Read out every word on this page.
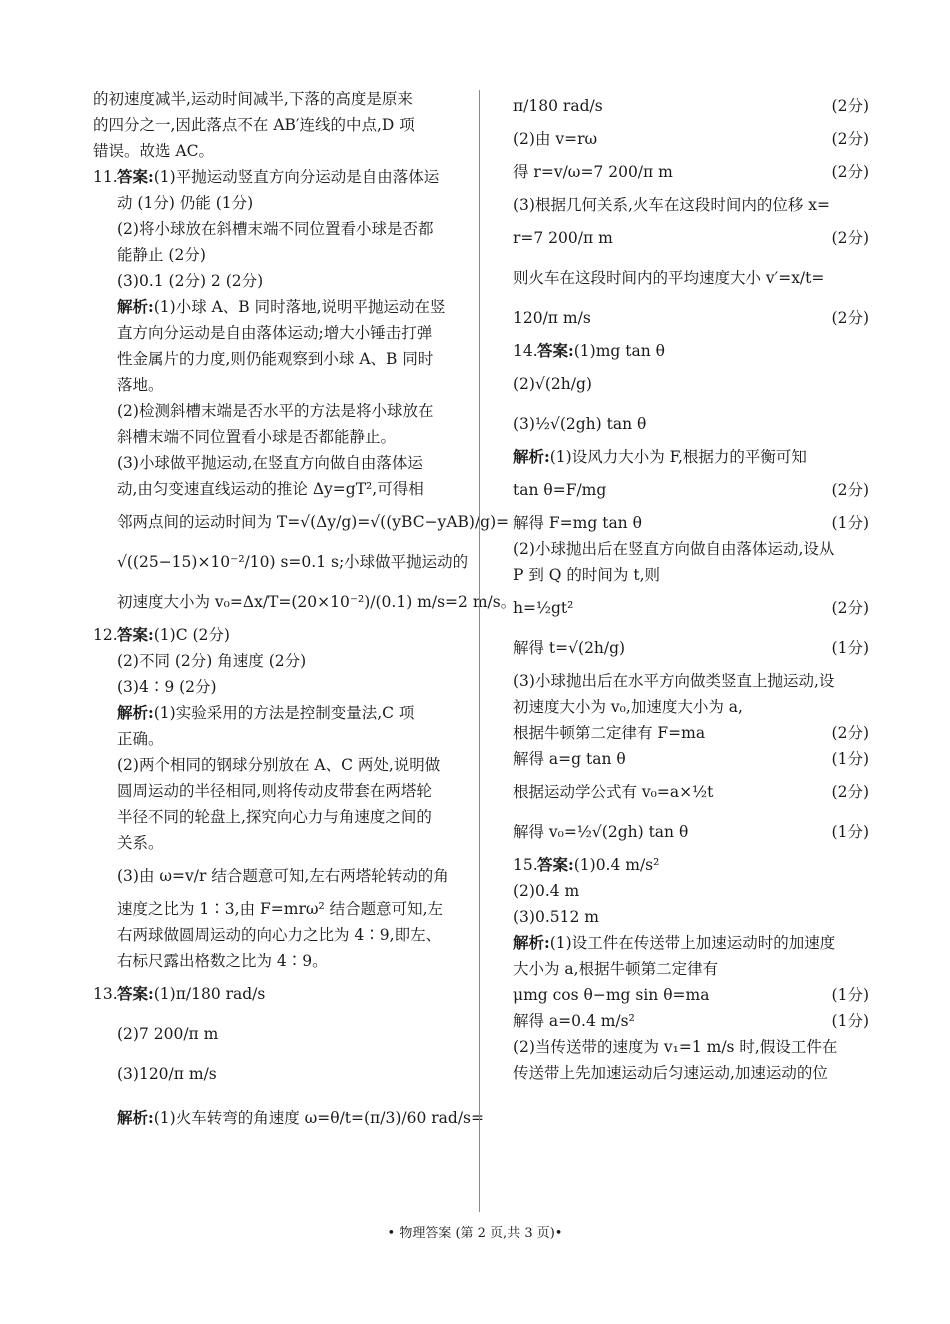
的初速度减半,运动时间减半,下落的高度是原来
的四分之一,因此落点不在 AB′连线的中点,D 项
错误。故选 AC。
11.答案:(1)平抛运动竖直方向分运动是自由落体运
动 (1分) 仍能 (1分)
(2)将小球放在斜槽末端不同位置看小球是否都
能静止 (2分)
(3)0.1 (2分) 2 (2分)
解析:(1)小球 A、B 同时落地,说明平抛运动在竖
直方向分运动是自由落体运动;增大小锤击打弹
性金属片的力度,则仍能观察到小球 A、B 同时
落地。
(2)检测斜槽末端是否水平的方法是将小球放在
斜槽末端不同位置看小球是否都能静止。
(3)小球做平抛运动,在竖直方向做自由落体运
动,由匀变速直线运动的推论 Δy=gT²,可得相
邻两点间的运动时间为 T=√(Δy/g)=√((yBC−yAB)/g)=
√((25−15)×10⁻²/10) s=0.1 s;小球做平抛运动的
初速度大小为 v₀=Δx/T=(20×10⁻²)/(0.1) m/s=2 m/s。
12.答案:(1)C (2分)
(2)不同 (2分) 角速度 (2分)
(3)4∶9 (2分)
解析:(1)实验采用的方法是控制变量法,C 项
正确。
(2)两个相同的钢球分别放在 A、C 两处,说明做
圆周运动的半径相同,则将传动皮带套在两塔轮
半径不同的轮盘上,探究向心力与角速度之间的
关系。
(3)由 ω=v/r 结合题意可知,左右两塔轮转动的角
速度之比为 1∶3,由 F=mrω² 结合题意可知,左
右两球做圆周运动的向心力之比为 4∶9,即左、
右标尺露出格数之比为 4∶9。
13.答案:(1)π/180 rad/s
(2)7 200/π m
(3)120/π m/s
解析:(1)火车转弯的角速度 ω=θ/t=(π/3)/60 rad/s=
π/180 rad/s	(2分)
(2)由 v=rω	(2分)
得 r=v/ω=7 200/π m	(2分)
(3)根据几何关系,火车在这段时间内的位移 x=
r=7 200/π m	(2分)
则火车在这段时间内的平均速度大小 v′=x/t=
120/π m/s	(2分)
14.答案:(1)mg tan θ
(2)√(2h/g)
(3)½√(2gh) tan θ
解析:(1)设风力大小为 F,根据力的平衡可知
tan θ=F/mg	(2分)
解得 F=mg tan θ	(1分)
(2)小球抛出后在竖直方向做自由落体运动,设从
P 到 Q 的时间为 t,则
h=½gt²	(2分)
解得 t=√(2h/g)	(1分)
(3)小球抛出后在水平方向做类竖直上抛运动,设
初速度大小为 v₀,加速度大小为 a,
根据牛顿第二定律有 F=ma	(2分)
解得 a=g tan θ	(1分)
根据运动学公式有 v₀=a×½t	(2分)
解得 v₀=½√(2gh) tan θ	(1分)
15.答案:(1)0.4 m/s²
(2)0.4 m
(3)0.512 m
解析:(1)设工件在传送带上加速运动时的加速度
大小为 a,根据牛顿第二定律有
μmg cos θ−mg sin θ=ma	(1分)
解得 a=0.4 m/s²	(1分)
(2)当传送带的速度为 v₁=1 m/s 时,假设工件在
传送带上先加速运动后匀速运动,加速运动的位
• 物理答案 (第 2 页,共 3 页)•
